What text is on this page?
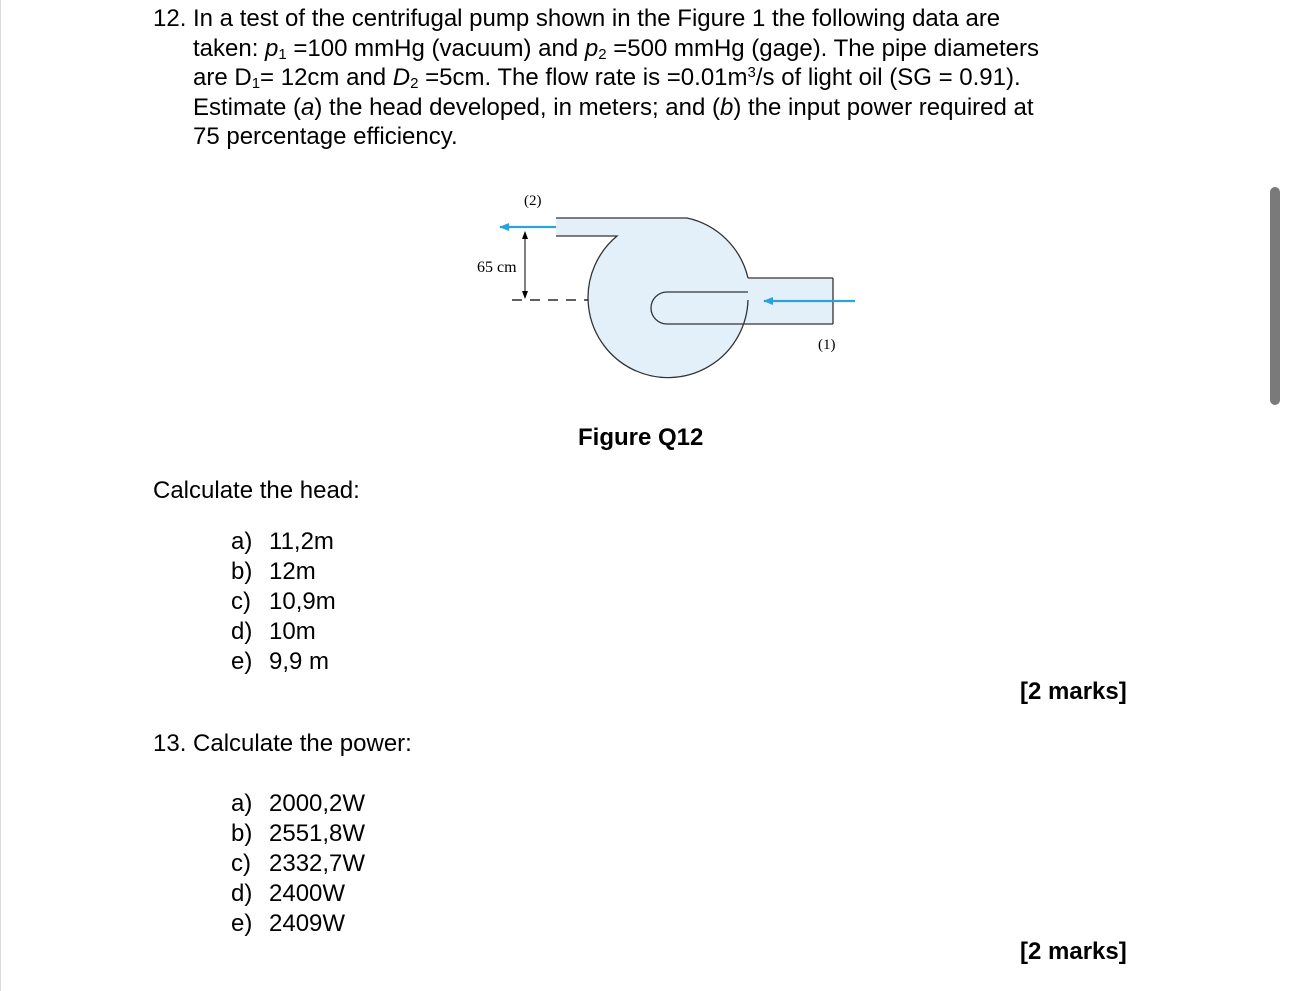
12. In a test of the centrifugal pump shown in the Figure 1 the following data are
taken: $p_1 =100$ mmHg (vacuum) and $p_2 =500$ mmHg (gage). The pipe diameters
are $D_1= 12cm$ and $D_2 =5cm$. The flow rate is $=0.01m^3/s$ of light oil (SG = 0.91).
Estimate (a) the head developed, in meters; and (b) the input power required at
75 percentage efficiency.
(2)
65 cm
(1)
Figure Q12
Calculate the head:
a) 11,2m
b) 12m
c) 10,9m
d) 10m
e) 9,9 m
[2 marks]
13. Calculate the power:
a) 2000,2W
b) 2551,8W
c) 2332,7W
d) 2400W
e) 2409W
[2 marks]
